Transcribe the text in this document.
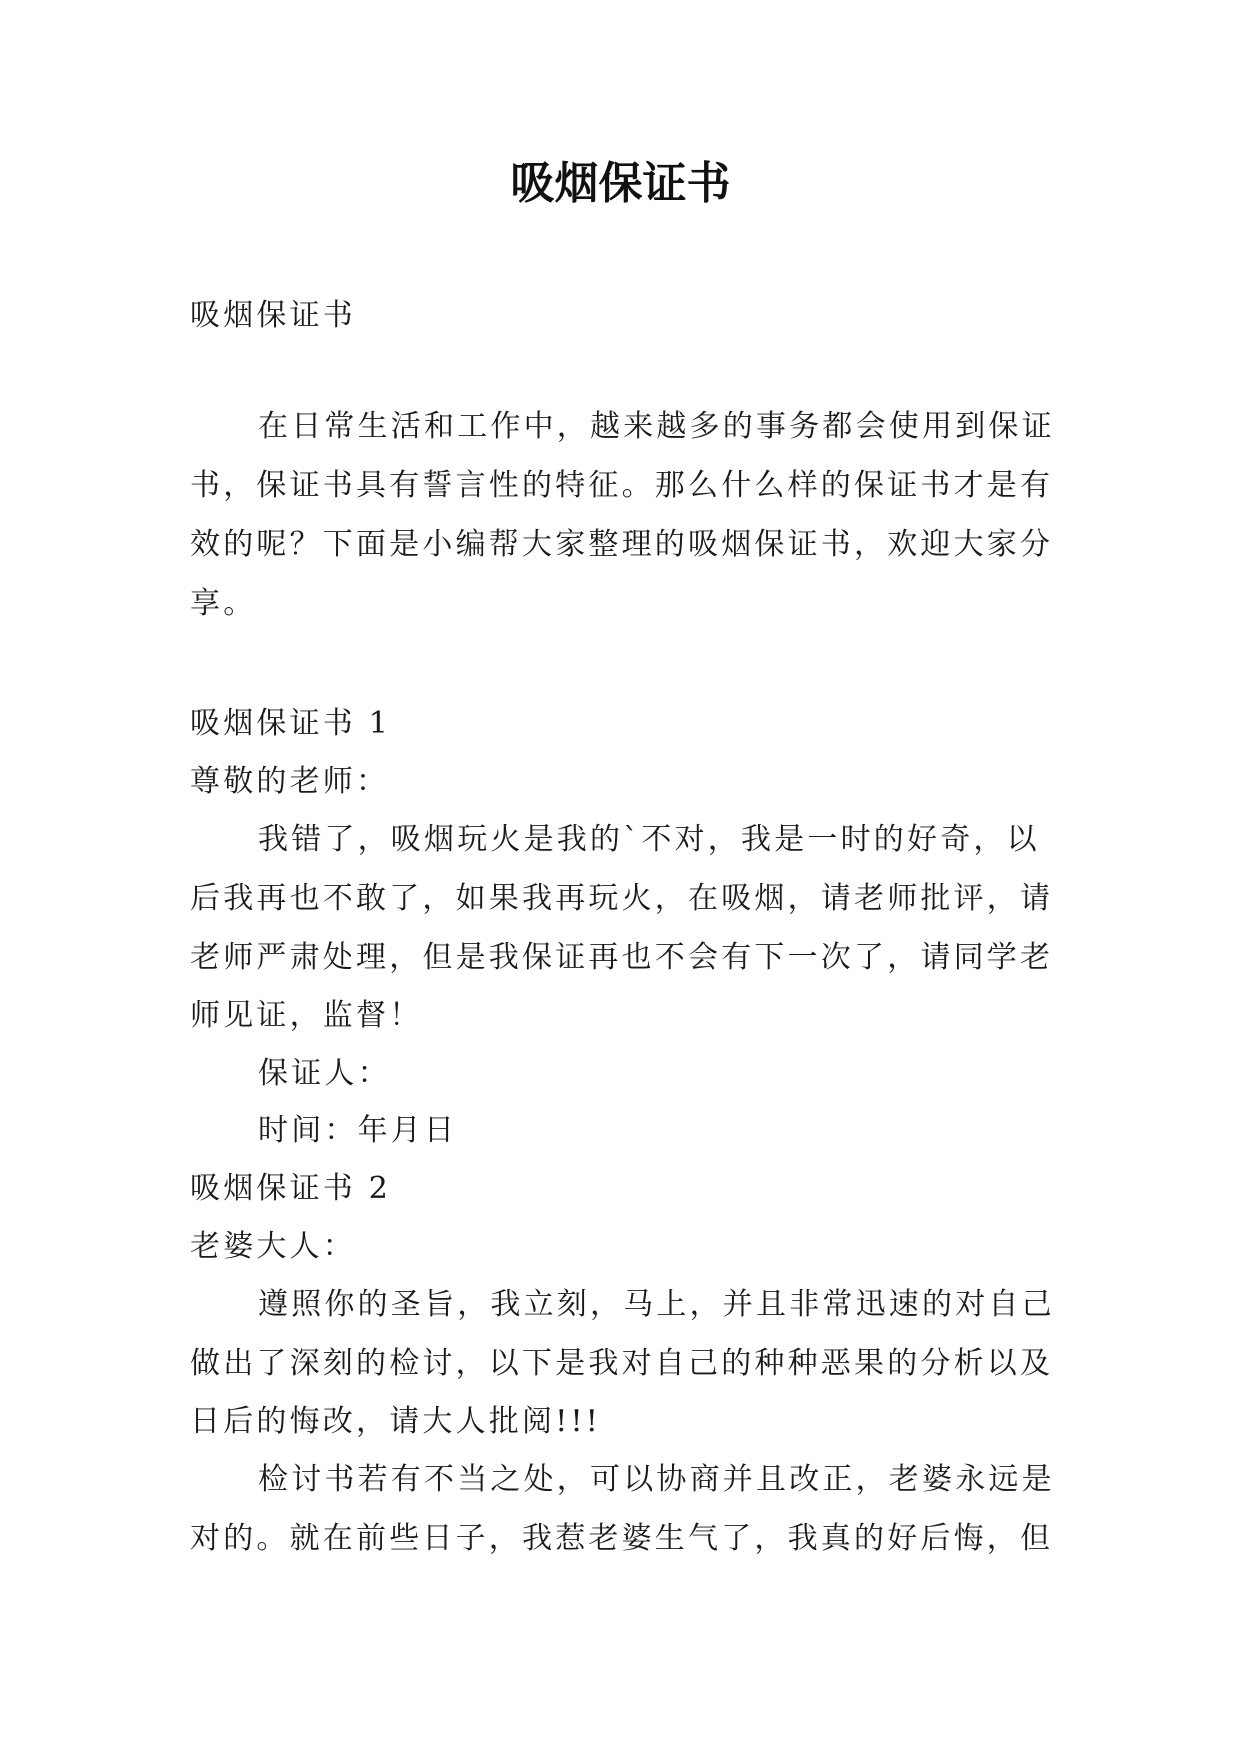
吸烟保证书

吸烟保证书

在日常生活和工作中，越来越多的事务都会使用到保证

书，保证书具有誓言性的特征。那么什么样的保证书才是有

效的呢？下面是小编帮大家整理的吸烟保证书，欢迎大家分

享。

吸烟保证书 1

尊敬的老师：

我错了，吸烟玩火是我的`不对，我是一时的好奇，以

后我再也不敢了，如果我再玩火，在吸烟，请老师批评，请

老师严肃处理，但是我保证再也不会有下一次了，请同学老

师见证，监督！

保证人：

时间：年月日

吸烟保证书 2

老婆大人：

遵照你的圣旨，我立刻，马上，并且非常迅速的对自己

做出了深刻的检讨，以下是我对自己的种种恶果的分析以及

日后的悔改，请大人批阅!!!

检讨书若有不当之处，可以协商并且改正，老婆永远是

对的。就在前些日子，我惹老婆生气了，我真的好后悔，但
